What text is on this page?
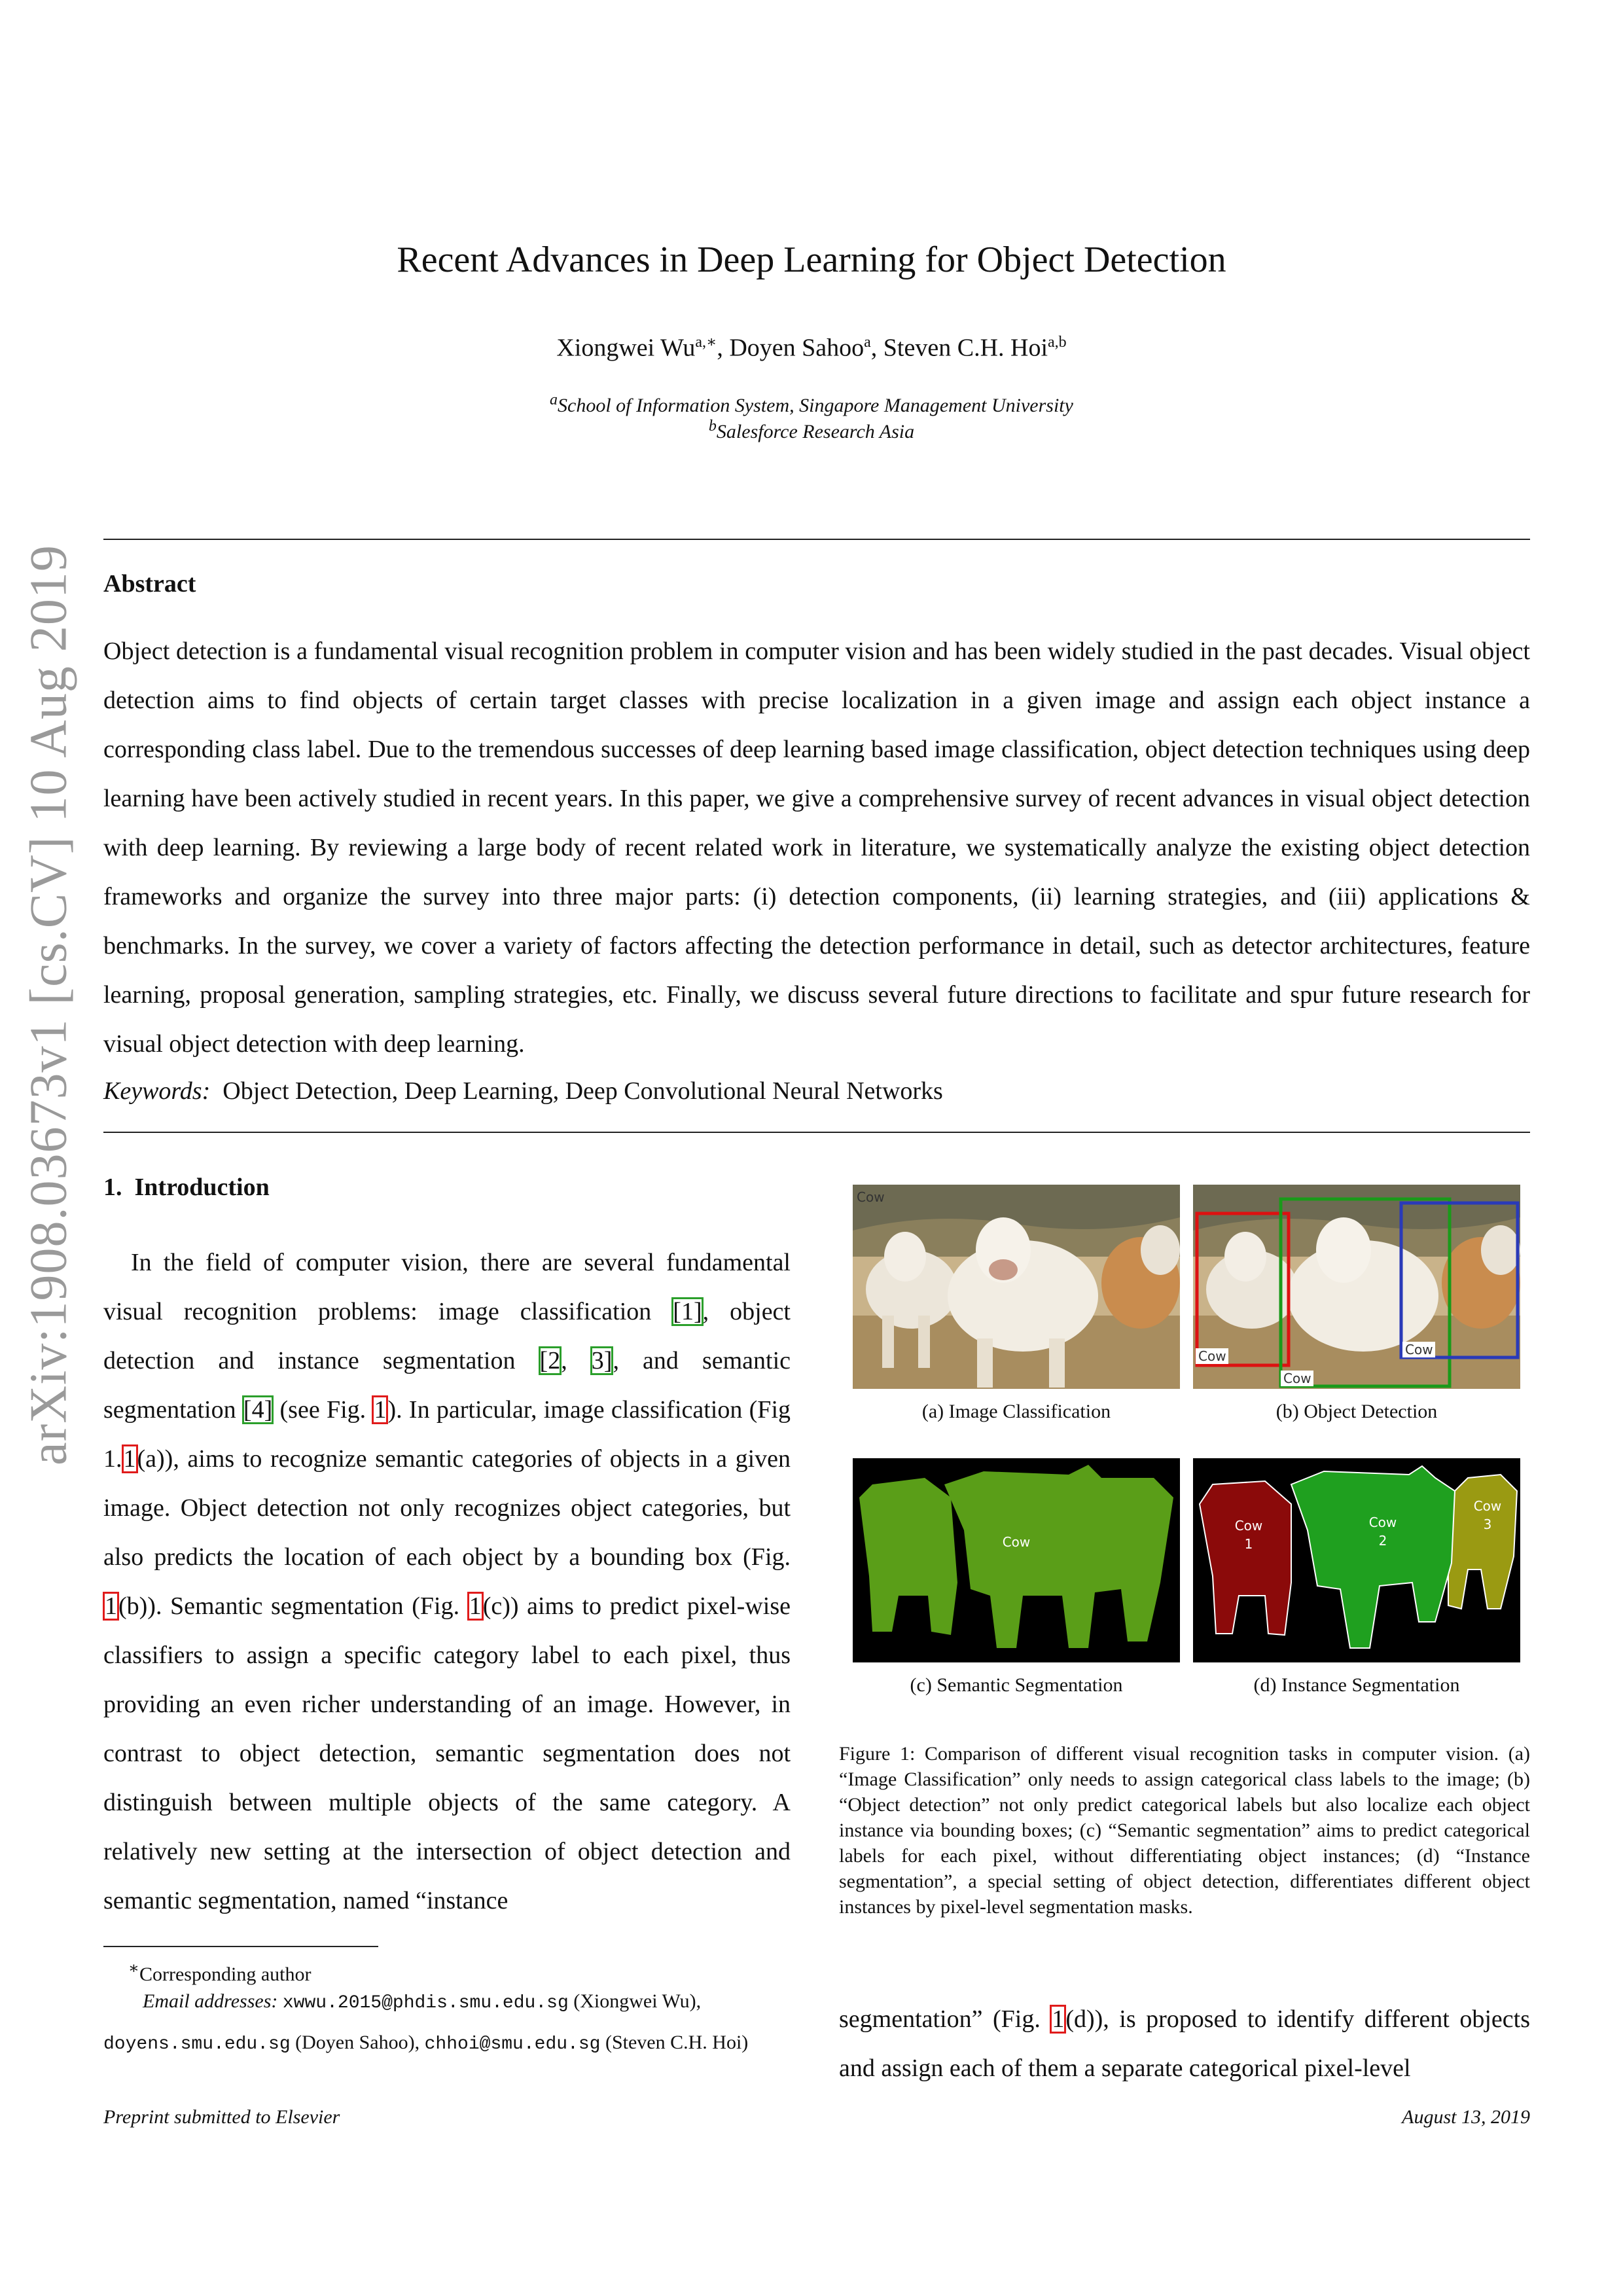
arXiv:1908.03673v1 [cs.CV] 10 Aug 2019
Recent Advances in Deep Learning for Object Detection
Xiongwei $Wu^{a,∗}$, Doyen Sahoo$^a$, Steven C.H. Hoi$^{a,b}$
$^a$School of Information System, Singapore Management University
$^b$Salesforce Research Asia
Abstract
Object detection is a fundamental visual recognition problem in computer vision and has been widely studied in the past decades. Visual object detection aims to find objects of certain target classes with precise localization in a given image and assign each object instance a corresponding class label. Due to the tremendous successes of deep learning based image classification, object detection techniques using deep learning have been actively studied in recent years. In this paper, we give a comprehensive survey of recent advances in visual object detection with deep learning. By reviewing a large body of recent related work in literature, we systematically analyze the existing object detection frameworks and organize the survey into three major parts: (i) detection components, (ii) learning strategies, and (iii) applications & benchmarks. In the survey, we cover a variety of factors affecting the detection performance in detail, such as detector architectures, feature learning, proposal generation, sampling strategies, etc. Finally, we discuss several future directions to facilitate and spur future research for visual object detection with deep learning.
Keywords: Object Detection, Deep Learning, Deep Convolutional Neural Networks
1. Introduction
In the field of computer vision, there are several fundamental visual recognition problems: image classification [1], object detection and instance segmentation [2, 3], and semantic segmentation [4] (see Fig. 1). In particular, image classification (Fig 1.1(a)), aims to recognize semantic categories of objects in a given image. Object detection not only recognizes object categories, but also predicts the location of each object by a bounding box (Fig. 1(b)). Semantic segmentation (Fig. 1(c)) aims to predict pixel-wise classifiers to assign a specific category label to each pixel, thus providing an even richer understanding of an image. However, in contrast to object detection, semantic segmentation does not distinguish between multiple objects of the same category. A relatively new setting at the intersection of object detection and semantic segmentation, named “instance
Cow
Cow
Cow
Cow
(a) Image Classification	(b) Object Detection
Cow
Cow
1
Cow
2
Cow
3
(c) Semantic Segmentation	(d) Instance Segmentation
Figure 1: Comparison of different visual recognition tasks in computer vision. (a) “Image Classification” only needs to assign categorical class labels to the image; (b) “Object detection” not only predict categorical labels but also localize each object instance via bounding boxes; (c) “Semantic segmentation” aims to predict categorical labels for each pixel, without differentiating object instances; (d) “Instance segmentation”, a special setting of object detection, differentiates different object instances by pixel-level segmentation masks.
∗Corresponding author
Email addresses: xwwu.2015@phdis.smu.edu.sg (Xiongwei Wu), doyens.smu.edu.sg (Doyen Sahoo), chhoi@smu.edu.sg (Steven C.H. Hoi)
segmentation” (Fig. 1(d)), is proposed to identify different objects and assign each of them a separate categorical pixel-level
Preprint submitted to Elsevier	August 13, 2019
